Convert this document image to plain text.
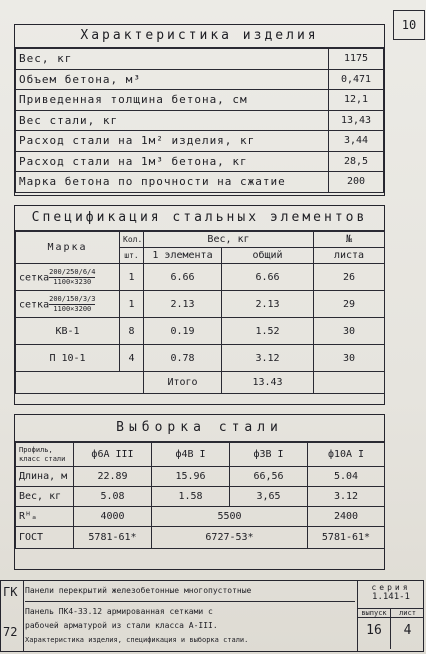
10
Характеристика изделия
Вес, кг	1175
Объем бетона, м³	0,471
Приведенная толщина бетона, см	12,1
Вес стали, кг	13,43
Расход стали на 1м² изделия, кг	3,44
Расход стали на 1м³ бетона, кг	28,5
Марка бетона по прочности на сжатие	200
Спецификация стальных элементов
Марка	Кол.	Вес, кг		№
	шт.	1 элемента	общий	листа
сетка $\frac{200/250/6/4}{1100\times 3230}$	1	6.66	6.66	26
сетка $\frac{200/150/3/3}{1100\times 3200}$	1	2.13	2.13	29
КВ-1	8	0.19	1.52	30
П 10-1	4	0.78	3.12	30
		Итого	13.43	
Выборка стали
Профиль, класс стали	ф6А III	ф4В I	ф3В I	ф10А I
Длина, м	22.89	15.96	66,56	5.04
Вес, кг	5.08	1.58	3,65	3.12
Rᴴₐ	4000	5500		2400
ГОСТ	5781-61*	6727-53*		5781-61*
ГК
72
Панели перекрытий железобетонные многопустотные
Панель ПК4-33.12 армированная сетками с
рабочей арматурой из стали класса А-III.
Характеристика изделия, спецификация и выборка стали.
серия
1.141-1
выпуск
16
лист
4
